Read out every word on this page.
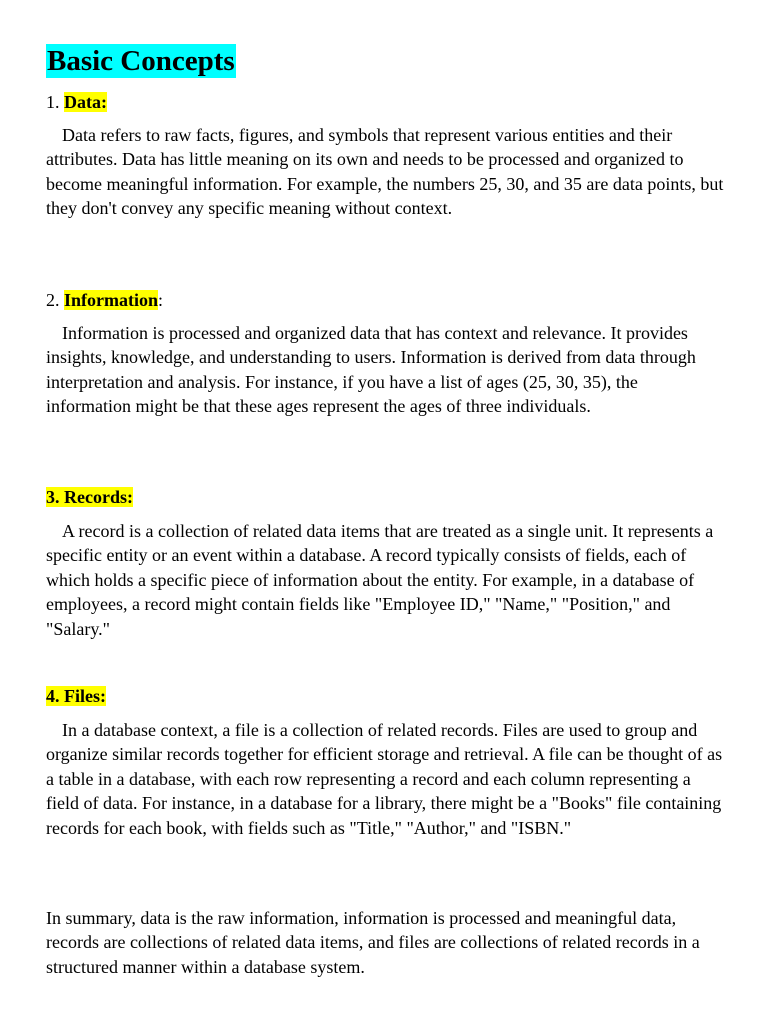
Basic Concepts

1. Data:

Data refers to raw facts, figures, and symbols that represent various entities and their attributes. Data has little meaning on its own and needs to be processed and organized to become meaningful information. For example, the numbers 25, 30, and 35 are data points, but they don't convey any specific meaning without context.

2. Information:

Information is processed and organized data that has context and relevance. It provides insights, knowledge, and understanding to users. Information is derived from data through interpretation and analysis. For instance, if you have a list of ages (25, 30, 35), the information might be that these ages represent the ages of three individuals.

3. Records:

A record is a collection of related data items that are treated as a single unit. It represents a specific entity or an event within a database. A record typically consists of fields, each of which holds a specific piece of information about the entity. For example, in a database of employees, a record might contain fields like "Employee ID," "Name," "Position," and "Salary."

4. Files:

In a database context, a file is a collection of related records. Files are used to group and organize similar records together for efficient storage and retrieval. A file can be thought of as a table in a database, with each row representing a record and each column representing a field of data. For instance, in a database for a library, there might be a "Books" file containing records for each book, with fields such as "Title," "Author," and "ISBN."

In summary, data is the raw information, information is processed and meaningful data, records are collections of related data items, and files are collections of related records in a structured manner within a database system.
